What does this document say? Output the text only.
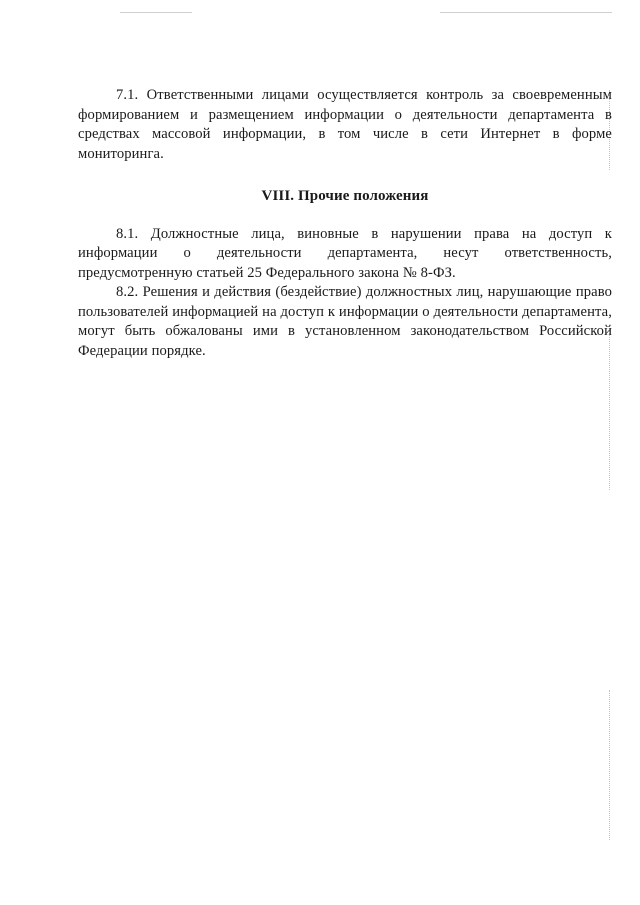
7.1. Ответственными лицами осуществляется контроль за своевременным формированием и размещением информации о деятельности департамента в средствах массовой информации, в том числе в сети Интернет в форме мониторинга.

VIII. Прочие положения

8.1. Должностные лица, виновные в нарушении права на доступ к информации о деятельности департамента, несут ответственность, предусмотренную статьей 25 Федерального закона № 8-ФЗ.

8.2. Решения и действия (бездействие) должностных лиц, нарушающие право пользователей информацией на доступ к информации о деятельности департамента, могут быть обжалованы ими в установленном законодательством Российской Федерации порядке.
